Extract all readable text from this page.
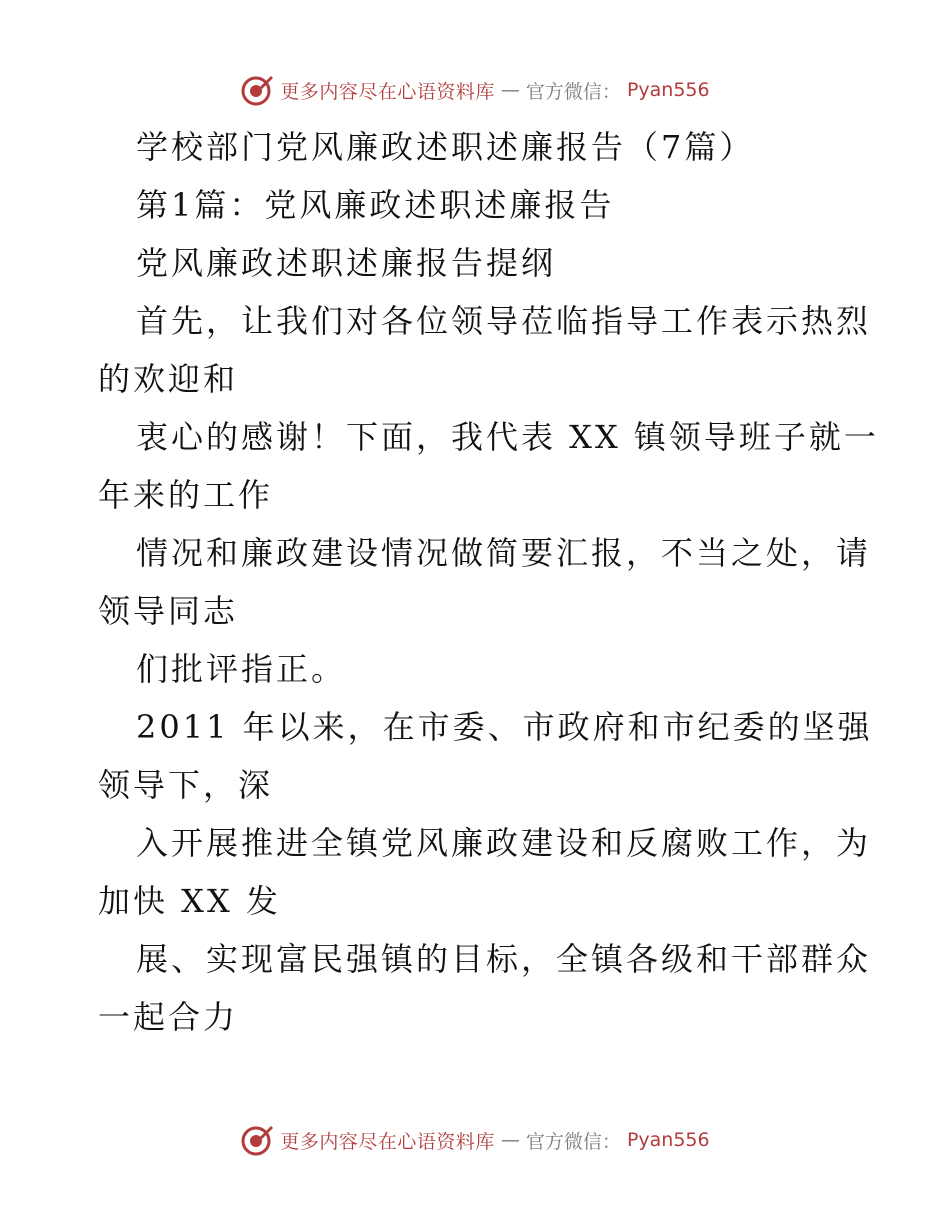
更多内容尽在心语资料库 — 官方微信： Pyan556
学校部门党风廉政述职述廉报告（7篇）
第1篇：党风廉政述职述廉报告
党风廉政述职述廉报告提纲
首先，让我们对各位领导莅临指导工作表示热烈
的欢迎和
衷心的感谢！下面，我代表 XX 镇领导班子就一
年来的工作
情况和廉政建设情况做简要汇报，不当之处，请
领导同志
们批评指正。
2011 年以来，在市委、市政府和市纪委的坚强
领导下，深
入开展推进全镇党风廉政建设和反腐败工作，为
加快 XX 发
展、实现富民强镇的目标，全镇各级和干部群众
一起合力
更多内容尽在心语资料库 — 官方微信： Pyan556
